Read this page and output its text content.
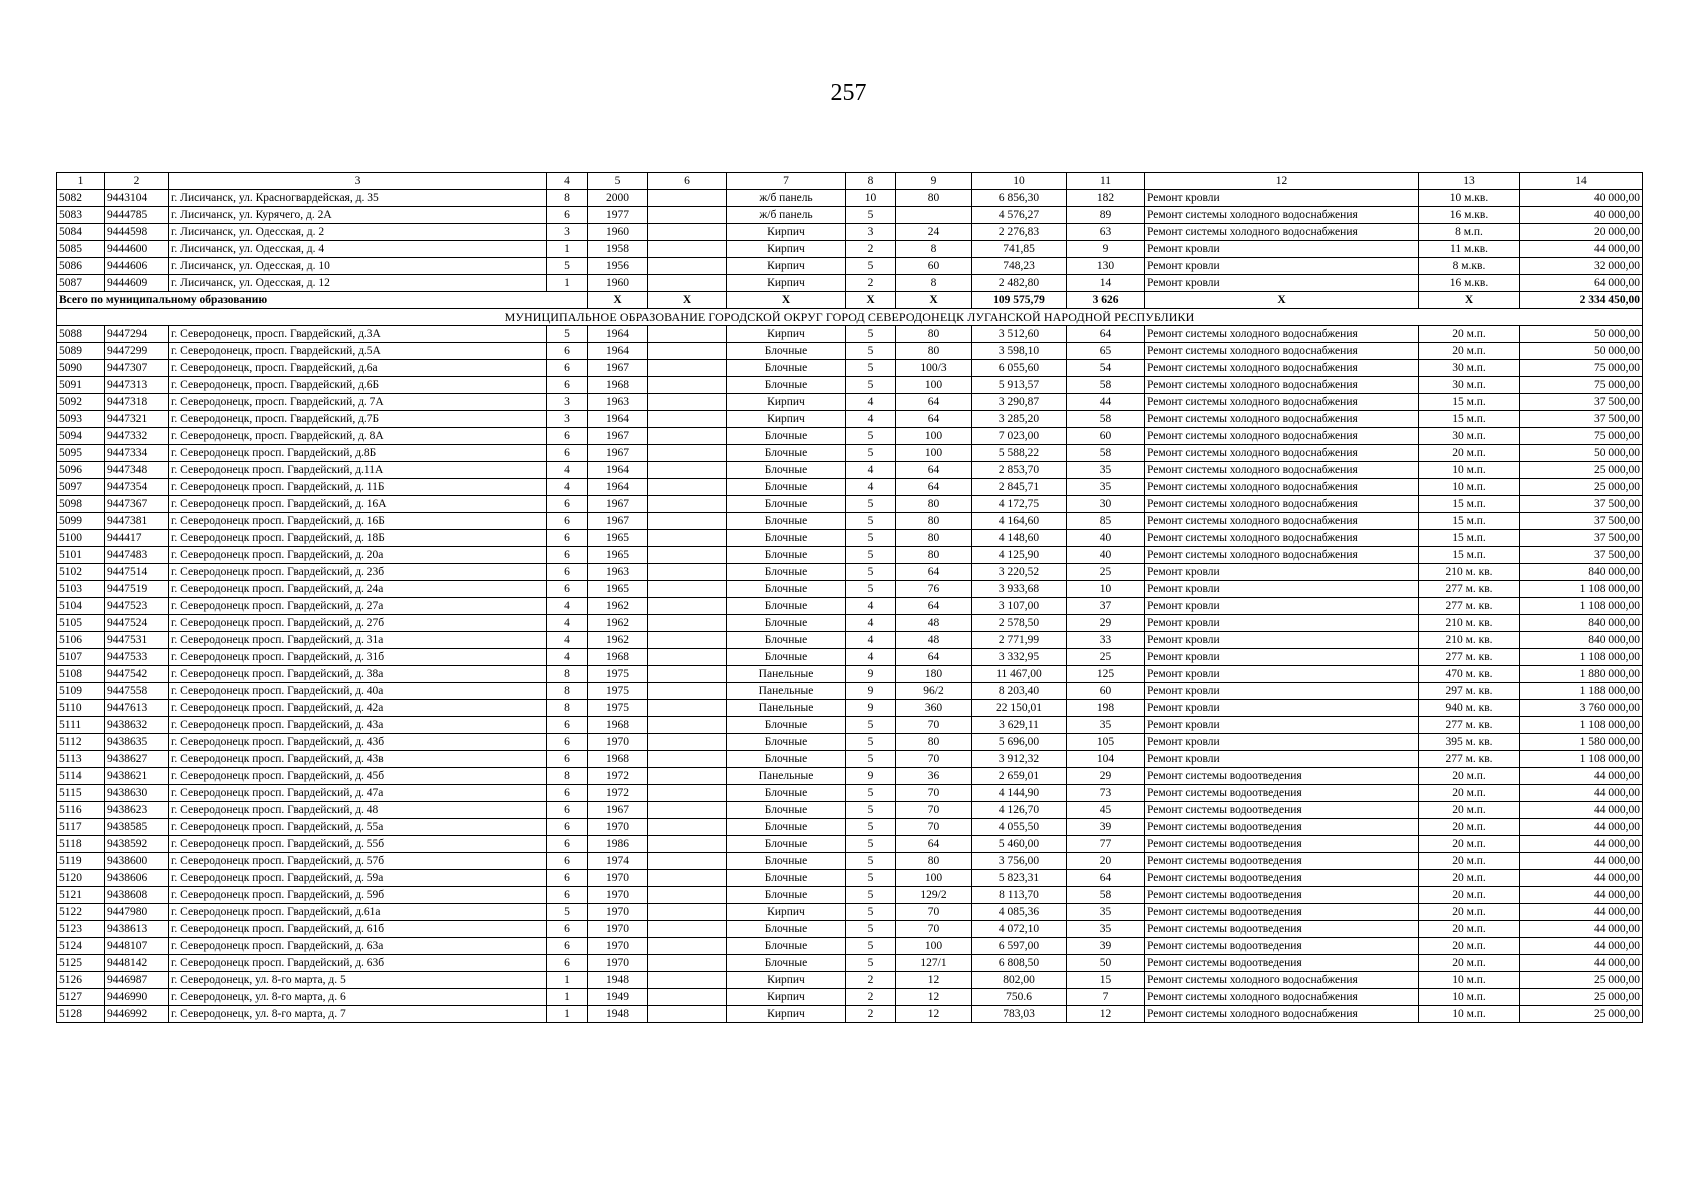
257
1	2	3	4	5	6	7	8	9	10	11	12	13	14
5082	9443104	г. Лисичанск, ул. Красногвардейская, д. 35	8	2000		ж/б панель	10	80	6 856,30	182	Ремонт кровли	10 м.кв.	40 000,00
5083	9444785	г. Лисичанск, ул. Курячего, д. 2А	6	1977		ж/б панель	5		4 576,27	89	Ремонт системы холодного водоснабжения	16 м.кв.	40 000,00
5084	9444598	г. Лисичанск, ул. Одесская, д. 2	3	1960		Кирпич	3	24	2 276,83	63	Ремонт системы холодного водоснабжения	8 м.п.	20 000,00
5085	9444600	г. Лисичанск, ул. Одесская, д. 4	1	1958		Кирпич	2	8	741,85	9	Ремонт кровли	11 м.кв.	44 000,00
5086	9444606	г. Лисичанск, ул. Одесская, д. 10	5	1956		Кирпич	5	60	748,23	130	Ремонт кровли	8 м.кв.	32 000,00
5087	9444609	г. Лисичанск, ул. Одесская, д. 12	1	1960		Кирпич	2	8	2 482,80	14	Ремонт кровли	16 м.кв.	64 000,00
Всего по муниципальному образованию				X	X	X	X	X	109 575,79	3 626	X	X	2 334 450,00
МУНИЦИПАЛЬНОЕ ОБРАЗОВАНИЕ ГОРОДСКОЙ ОКРУГ ГОРОД СЕВЕРОДОНЕЦК ЛУГАНСКОЙ НАРОДНОЙ РЕСПУБЛИКИ													
5088	9447294	г. Северодонецк, просп. Гвардейский, д.3А	5	1964		Кирпич	5	80	3 512,60	64	Ремонт системы холодного водоснабжения	20 м.п.	50 000,00
5089	9447299	г. Северодонецк, просп. Гвардейский, д.5А	6	1964		Блочные	5	80	3 598,10	65	Ремонт системы холодного водоснабжения	20 м.п.	50 000,00
5090	9447307	г. Северодонецк, просп. Гвардейский, д.6а	6	1967		Блочные	5	100/3	6 055,60	54	Ремонт системы холодного водоснабжения	30 м.п.	75 000,00
5091	9447313	г. Северодонецк, просп. Гвардейский, д.6Б	6	1968		Блочные	5	100	5 913,57	58	Ремонт системы холодного водоснабжения	30 м.п.	75 000,00
5092	9447318	г. Северодонецк, просп. Гвардейский, д. 7А	3	1963		Кирпич	4	64	3 290,87	44	Ремонт системы холодного водоснабжения	15 м.п.	37 500,00
5093	9447321	г. Северодонецк, просп. Гвардейский, д.7Б	3	1964		Кирпич	4	64	3 285,20	58	Ремонт системы холодного водоснабжения	15 м.п.	37 500,00
5094	9447332	г. Северодонецк, просп. Гвардейский, д. 8А	6	1967		Блочные	5	100	7 023,00	60	Ремонт системы холодного водоснабжения	30 м.п.	75 000,00
5095	9447334	г. Северодонецк просп. Гвардейский, д.8Б	6	1967		Блочные	5	100	5 588,22	58	Ремонт системы холодного водоснабжения	20 м.п.	50 000,00
5096	9447348	г. Северодонецк просп. Гвардейский, д.11А	4	1964		Блочные	4	64	2 853,70	35	Ремонт системы холодного водоснабжения	10 м.п.	25 000,00
5097	9447354	г. Северодонецк просп. Гвардейский, д. 11Б	4	1964		Блочные	4	64	2 845,71	35	Ремонт системы холодного водоснабжения	10 м.п.	25 000,00
5098	9447367	г. Северодонецк просп. Гвардейский, д. 16А	6	1967		Блочные	5	80	4 172,75	30	Ремонт системы холодного водоснабжения	15 м.п.	37 500,00
5099	9447381	г. Северодонецк просп. Гвардейский, д. 16Б	6	1967		Блочные	5	80	4 164,60	85	Ремонт системы холодного водоснабжения	15 м.п.	37 500,00
5100	944417	г. Северодонецк просп. Гвардейский, д. 18Б	6	1965		Блочные	5	80	4 148,60	40	Ремонт системы холодного водоснабжения	15 м.п.	37 500,00
5101	9447483	г. Северодонецк просп. Гвардейский, д. 20а	6	1965		Блочные	5	80	4 125,90	40	Ремонт системы холодного водоснабжения	15 м.п.	37 500,00
5102	9447514	г. Северодонецк просп. Гвардейский, д. 23б	6	1963		Блочные	5	64	3 220,52	25	Ремонт кровли	210 м. кв.	840 000,00
5103	9447519	г. Северодонецк просп. Гвардейский, д. 24а	6	1965		Блочные	5	76	3 933,68	10	Ремонт кровли	277 м. кв.	1 108 000,00
5104	9447523	г. Северодонецк просп. Гвардейский, д. 27а	4	1962		Блочные	4	64	3 107,00	37	Ремонт кровли	277 м. кв.	1 108 000,00
5105	9447524	г. Северодонецк просп. Гвардейский, д. 27б	4	1962		Блочные	4	48	2 578,50	29	Ремонт кровли	210 м. кв.	840 000,00
5106	9447531	г. Северодонецк просп. Гвардейский, д. 31а	4	1962		Блочные	4	48	2 771,99	33	Ремонт кровли	210 м. кв.	840 000,00
5107	9447533	г. Северодонецк просп. Гвардейский, д. 31б	4	1968		Блочные	4	64	3 332,95	25	Ремонт кровли	277 м. кв.	1 108 000,00
5108	9447542	г. Северодонецк просп. Гвардейский, д. 38а	8	1975		Панельные	9	180	11 467,00	125	Ремонт кровли	470 м. кв.	1 880 000,00
5109	9447558	г. Северодонецк просп. Гвардейский, д. 40а	8	1975		Панельные	9	96/2	8 203,40	60	Ремонт кровли	297 м. кв.	1 188 000,00
5110	9447613	г. Северодонецк просп. Гвардейский, д. 42а	8	1975		Панельные	9	360	22 150,01	198	Ремонт кровли	940 м. кв.	3 760 000,00
5111	9438632	г. Северодонецк просп. Гвардейский, д. 43а	6	1968		Блочные	5	70	3 629,11	35	Ремонт кровли	277 м. кв.	1 108 000,00
5112	9438635	г. Северодонецк просп. Гвардейский, д. 43б	6	1970		Блочные	5	80	5 696,00	105	Ремонт кровли	395 м. кв.	1 580 000,00
5113	9438627	г. Северодонецк просп. Гвардейский, д. 43в	6	1968		Блочные	5	70	3 912,32	104	Ремонт кровли	277 м. кв.	1 108 000,00
5114	9438621	г. Северодонецк просп. Гвардейский, д. 45б	8	1972		Панельные	9	36	2 659,01	29	Ремонт системы водоотведения	20 м.п.	44 000,00
5115	9438630	г. Северодонецк просп. Гвардейский, д. 47а	6	1972		Блочные	5	70	4 144,90	73	Ремонт системы водоотведения	20 м.п.	44 000,00
5116	9438623	г. Северодонецк просп. Гвардейский, д. 48	6	1967		Блочные	5	70	4 126,70	45	Ремонт системы водоотведения	20 м.п.	44 000,00
5117	9438585	г. Северодонецк просп. Гвардейский, д. 55а	6	1970		Блочные	5	70	4 055,50	39	Ремонт системы водоотведения	20 м.п.	44 000,00
5118	9438592	г. Северодонецк просп. Гвардейский, д. 55б	6	1986		Блочные	5	64	5 460,00	77	Ремонт системы водоотведения	20 м.п.	44 000,00
5119	9438600	г. Северодонецк просп. Гвардейский, д. 57б	6	1974		Блочные	5	80	3 756,00	20	Ремонт системы водоотведения	20 м.п.	44 000,00
5120	9438606	г. Северодонецк просп. Гвардейский, д. 59а	6	1970		Блочные	5	100	5 823,31	64	Ремонт системы водоотведения	20 м.п.	44 000,00
5121	9438608	г. Северодонецк просп. Гвардейский, д. 59б	6	1970		Блочные	5	129/2	8 113,70	58	Ремонт системы водоотведения	20 м.п.	44 000,00
5122	9447980	г. Северодонецк просп. Гвардейский, д.61а	5	1970		Кирпич	5	70	4 085,36	35	Ремонт системы водоотведения	20 м.п.	44 000,00
5123	9438613	г. Северодонецк просп. Гвардейский, д. 61б	6	1970		Блочные	5	70	4 072,10	35	Ремонт системы водоотведения	20 м.п.	44 000,00
5124	9448107	г. Северодонецк просп. Гвардейский, д. 63а	6	1970		Блочные	5	100	6 597,00	39	Ремонт системы водоотведения	20 м.п.	44 000,00
5125	9448142	г. Северодонецк просп. Гвардейский, д. 63б	6	1970		Блочные	5	127/1	6 808,50	50	Ремонт системы водоотведения	20 м.п.	44 000,00
5126	9446987	г. Северодонецк, ул. 8-го марта, д. 5	1	1948		Кирпич	2	12	802,00	15	Ремонт системы холодного водоснабжения	10 м.п.	25 000,00
5127	9446990	г. Северодонецк, ул. 8-го марта, д. 6	1	1949		Кирпич	2	12	750.6	7	Ремонт системы холодного водоснабжения	10 м.п.	25 000,00
5128	9446992	г. Северодонецк, ул. 8-го марта, д. 7	1	1948		Кирпич	2	12	783,03	12	Ремонт системы холодного водоснабжения	10 м.п.	25 000,00
